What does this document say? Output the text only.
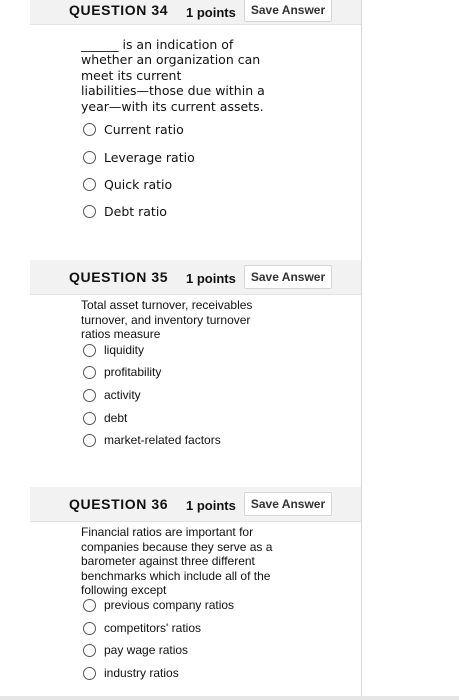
QUESTION 34 1 points	Save Answer

______ is an indication of
whether an organization can
meet its current
liabilities—those due within a
year—with its current assets.

Current ratio
Leverage ratio
Quick ratio
Debt ratio
QUESTION 35 1 points	Save Answer

Total asset turnover, receivables
turnover, and inventory turnover
ratios measure

liquidity
profitability
activity
debt
market-related factors
QUESTION 36 1 points	Save Answer

Financial ratios are important for
companies because they serve as a
barometer against three different
benchmarks which include all of the
following except

previous company ratios
competitors' ratios
pay wage ratios
industry ratios
